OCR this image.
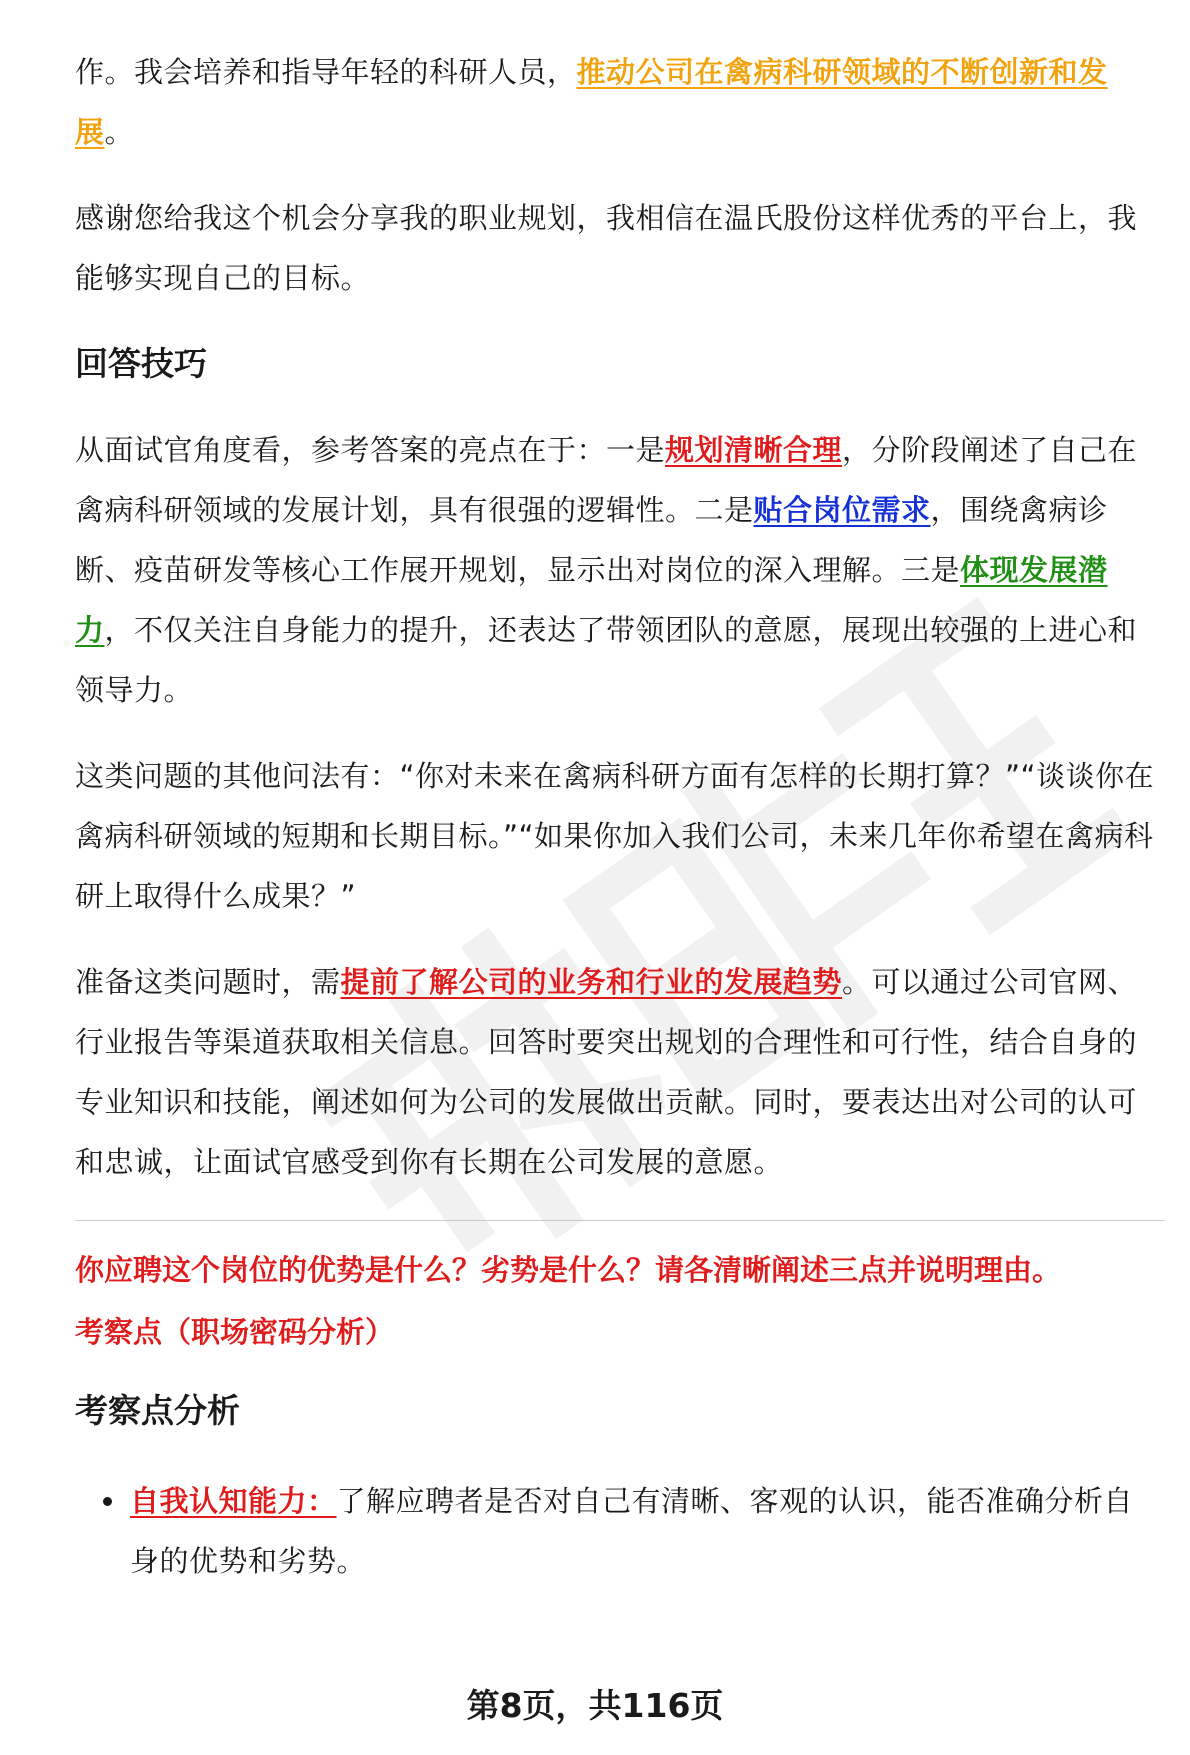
作。我会培养和指导年轻的科研人员，推动公司在禽病科研领域的不断创新和发展。

感谢您给我这个机会分享我的职业规划，我相信在温氏股份这样优秀的平台上，我能够实现自己的目标。

回答技巧

从面试官角度看，参考答案的亮点在于：一是规划清晰合理，分阶段阐述了自己在禽病科研领域的发展计划，具有很强的逻辑性。二是贴合岗位需求，围绕禽病诊断、疫苗研发等核心工作展开规划，显示出对岗位的深入理解。三是体现发展潜力，不仅关注自身能力的提升，还表达了带领团队的意愿，展现出较强的上进心和领导力。

这类问题的其他问法有：“你对未来在禽病科研方面有怎样的长期打算？”“谈谈你在禽病科研领域的短期和长期目标。”“如果你加入我们公司，未来几年你希望在禽病科研上取得什么成果？”

准备这类问题时，需提前了解公司的业务和行业的发展趋势。可以通过公司官网、行业报告等渠道获取相关信息。回答时要突出规划的合理性和可行性，结合自身的专业知识和技能，阐述如何为公司的发展做出贡献。同时，要表达出对公司的认可和忠诚，让面试官感受到你有长期在公司发展的意愿。

你应聘这个岗位的优势是什么？劣势是什么？请各清晰阐述三点并说明理由。

考察点（职场密码分析）

考察点分析

自我认知能力：了解应聘者是否对自己有清晰、客观的认识，能否准确分析自身的优势和劣势。

第8页，共116页
